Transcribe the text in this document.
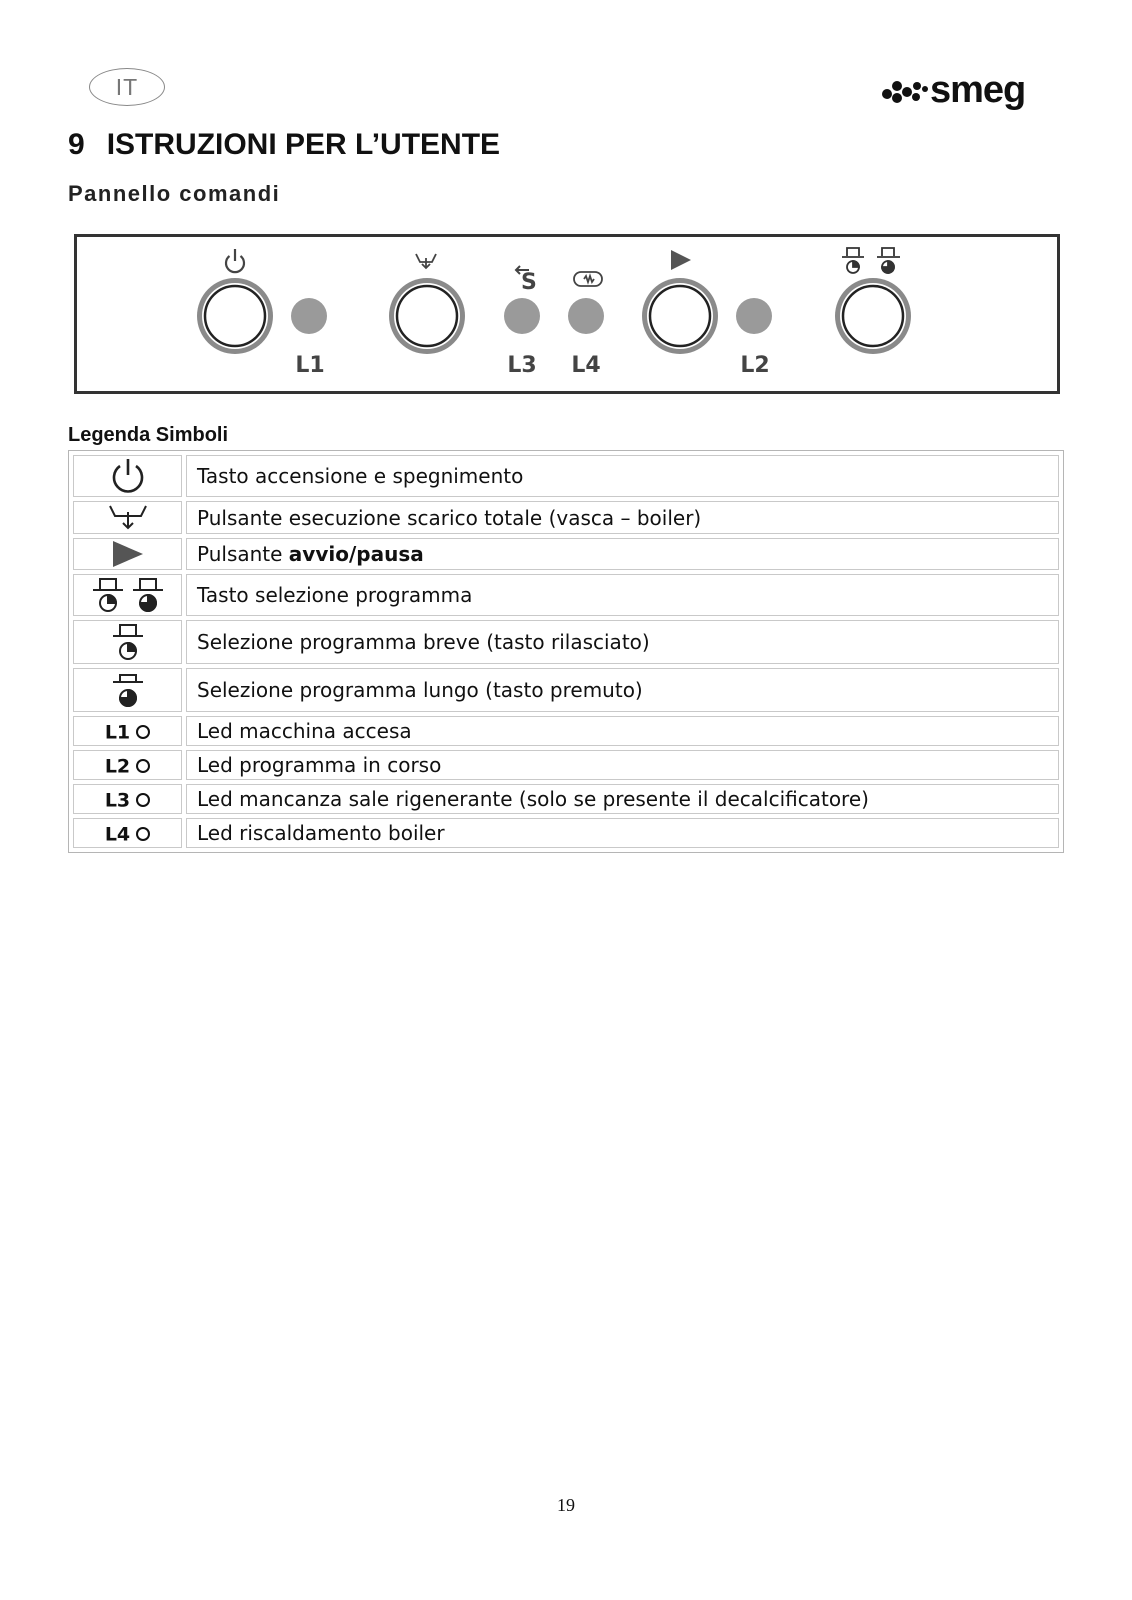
IT	smeg
9 ISTRUZIONI PER L’UTENTE
Pannello comandi
S
L1	L3 L4	L2
Legenda Simboli
	Tasto accensione e spegnimento

	Pulsante esecuzione scarico totale (vasca – boiler)

	Pulsante avvio/pausa

	Tasto selezione programma

	Selezione programma breve (tasto rilasciato)

	Selezione programma lungo (tasto premuto)
L1	Led macchina accesa
L2	Led programma in corso
L3	Led mancanza sale rigenerante (solo se presente il decalcificatore)
L4	Led riscaldamento boiler
19
